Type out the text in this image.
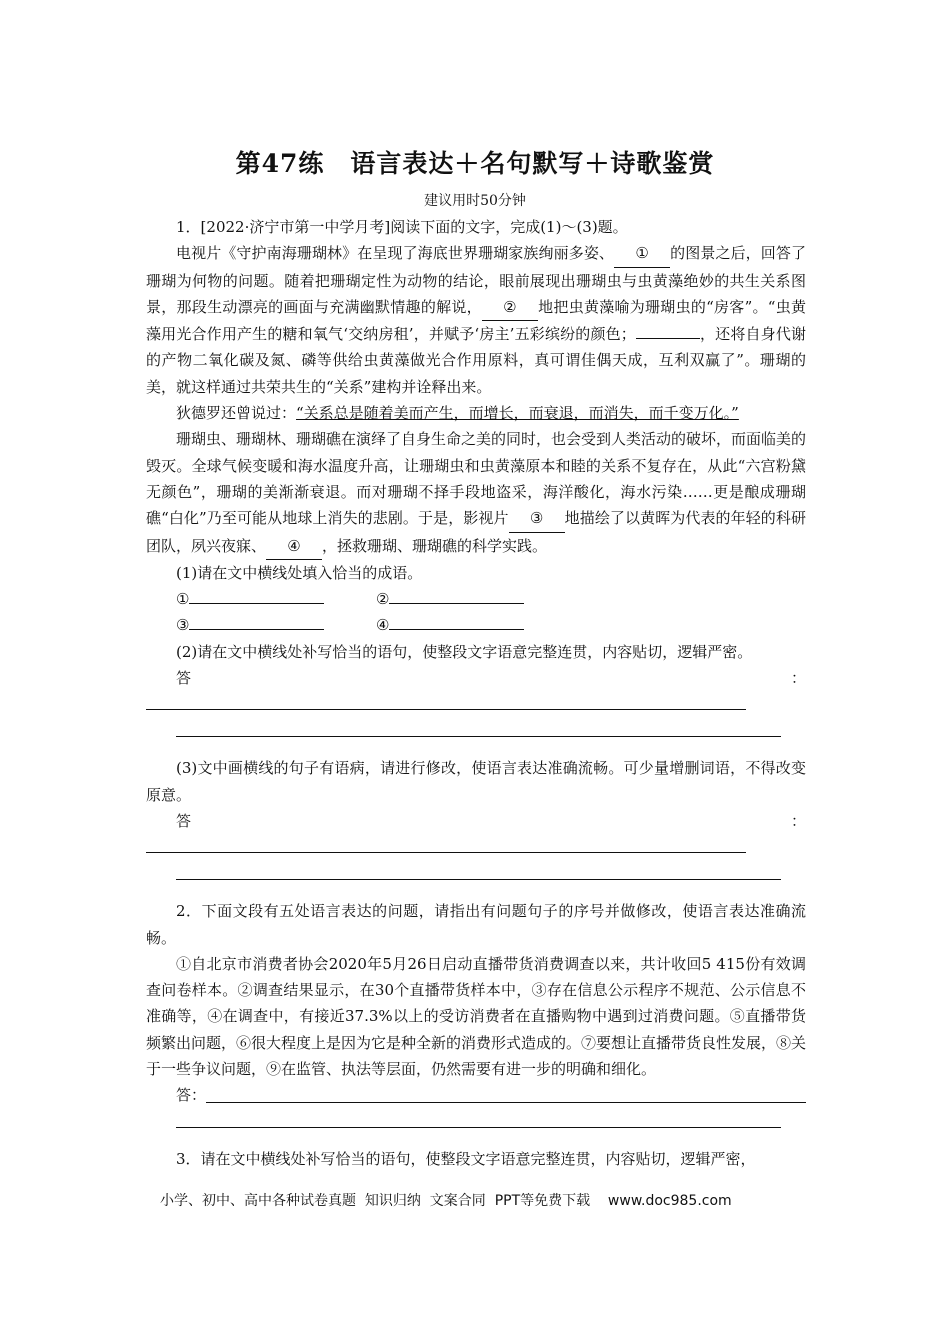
第47练　语言表达＋名句默写＋诗歌鉴赏
建议用时50分钟

1．[2022·济宁市第一中学月考]阅读下面的文字，完成(1)～(3)题。

电视片《守护南海珊瑚林》在呈现了海底世界珊瑚家族绚丽多姿、 ① 的图景之后，回答了珊瑚为何物的问题。随着把珊瑚定性为动物的结论，眼前展现出珊瑚虫与虫黄藻绝妙的共生关系图景，那段生动漂亮的画面与充满幽默情趣的解说， ② 地把虫黄藻喻为珊瑚虫的“房客”。“虫黄藻用光合作用产生的糖和氧气‘交纳房租’，并赋予‘房主’五彩缤纷的颜色；	，还将自身代谢的产物二氧化碳及氮、磷等供给虫黄藻做光合作用原料，真可谓佳偶天成，互利双赢了”。珊瑚的美，就这样通过共荣共生的“关系”建构并诠释出来。

狄德罗还曾说过：“关系总是随着美而产生，而增长，而衰退，而消失，而千变万化。”

珊瑚虫、珊瑚林、珊瑚礁在演绎了自身生命之美的同时，也会受到人类活动的破坏，而面临美的毁灭。全球气候变暖和海水温度升高，让珊瑚虫和虫黄藻原本和睦的关系不复存在，从此“六宫粉黛无颜色”，珊瑚的美渐渐衰退。而对珊瑚不择手段地盗采，海洋酸化，海水污染……更是酿成珊瑚礁“白化”乃至可能从地球上消失的悲剧。于是，影视片 ③ 地描绘了以黄晖为代表的年轻的科研团队，夙兴夜寐、 ④ ，拯救珊瑚、珊瑚礁的科学实践。

(1)请在文中横线处填入恰当的成语。

①	②
③	④

(2)请在文中横线处补写恰当的语句，使整段文字语意完整连贯，内容贴切，逻辑严密。

答	：

(3)文中画横线的句子有语病，请进行修改，使语言表达准确流畅。可少量增删词语，不得改变原意。

答	：

2．下面文段有五处语言表达的问题，请指出有问题句子的序号并做修改，使语言表达准确流畅。

①自北京市消费者协会2020年5月26日启动直播带货消费调查以来，共计收回5 415份有效调查问卷样本。②调查结果显示，在30个直播带货样本中，③存在信息公示程序不规范、公示信息不准确等，④在调查中，有接近37.3%以上的受访消费者在直播购物中遇到过消费问题。⑤直播带货频繁出问题，⑥很大程度上是因为它是种全新的消费形式造成的。⑦要想让直播带货良性发展，⑧关于一些争议问题，⑨在监管、执法等层面，仍然需要有进一步的明确和细化。

答：

3．请在文中横线处补写恰当的语句，使整段文字语意完整连贯，内容贴切，逻辑严密，

小学、初中、高中各种试卷真题  知识归纳  文案合同  PPT等免费下载    www.doc985.com
